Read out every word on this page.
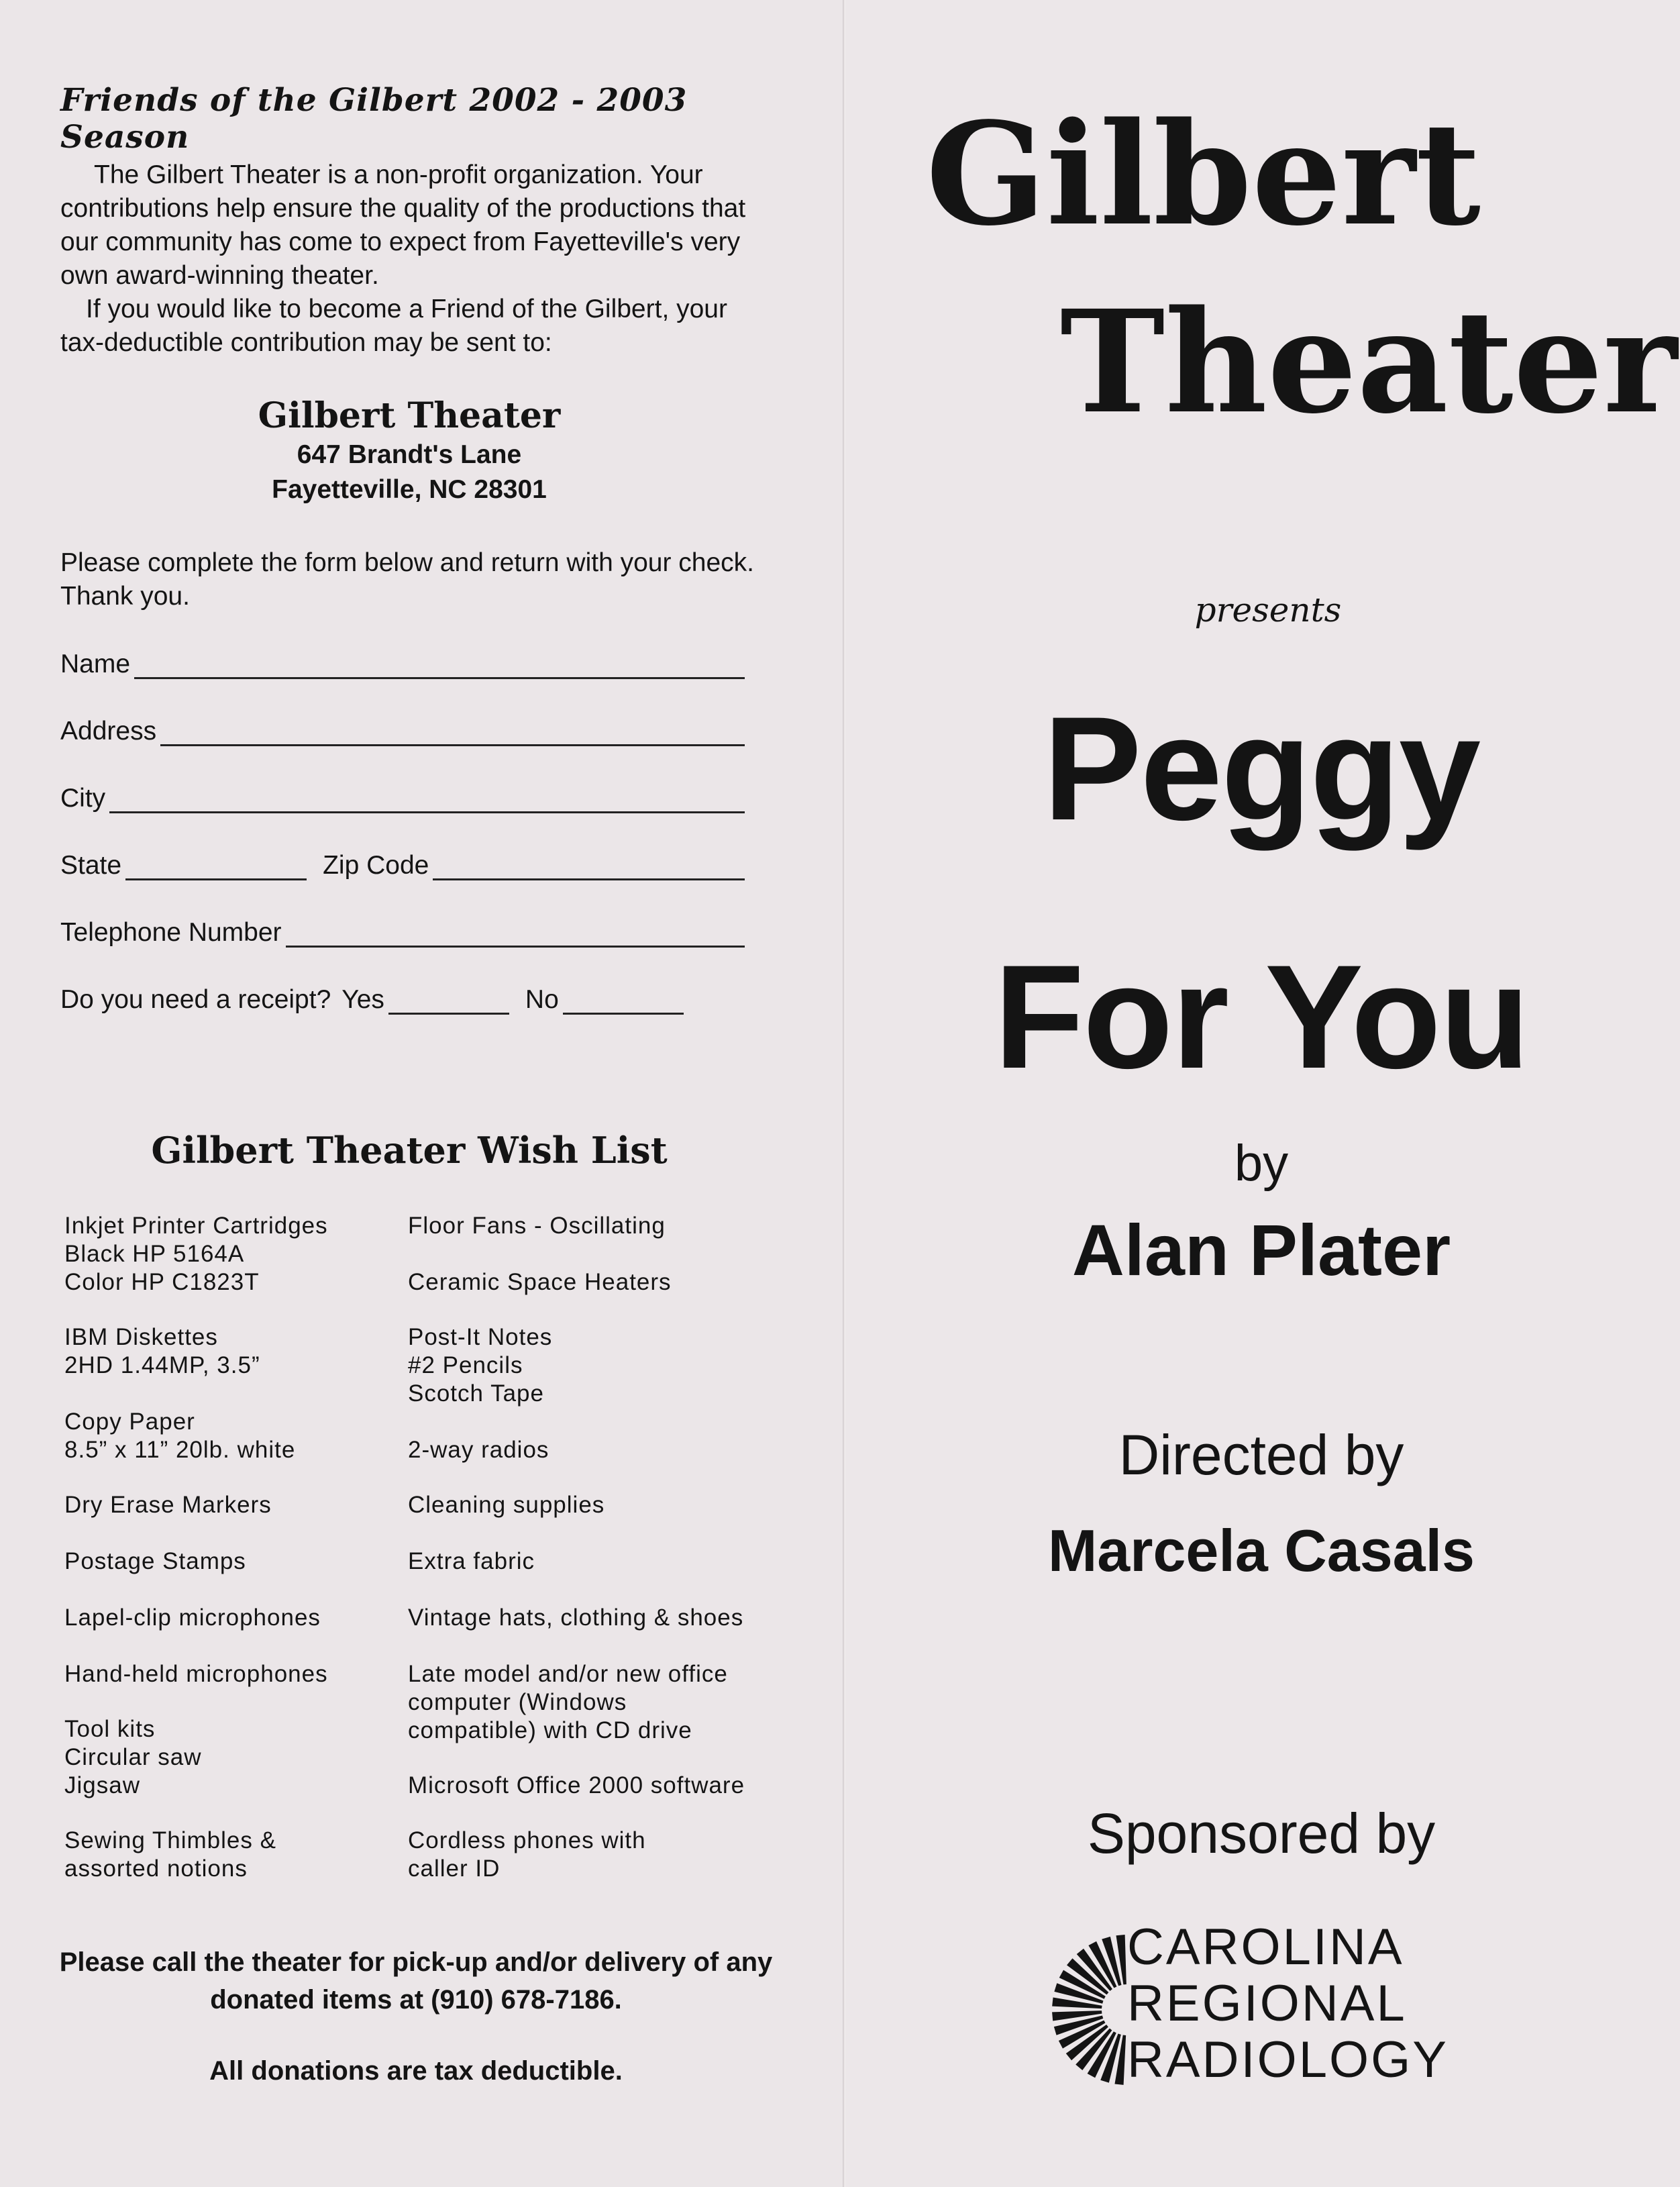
Friends of the Gilbert 2002 - 2003 Season
The Gilbert Theater is a non-profit organization. Your contributions help ensure the quality of the productions that our community has come to expect from Fayetteville's very own award-winning theater.
If you would like to become a Friend of the Gilbert, your tax-deductible contribution may be sent to:
Gilbert Theater
647 Brandt's Lane
Fayetteville, NC 28301
Please complete the form below and return with your check. Thank you.
Name
Address
City
State	Zip Code
Telephone Number
Do you need a receipt? Yes	No
Gilbert Theater Wish List
Inkjet Printer Cartridges
Black HP 5164A
Color HP C1823T
IBM Diskettes
2HD 1.44MP, 3.5”
Copy Paper
8.5” x 11” 20lb. white
Dry Erase Markers
Postage Stamps
Lapel-clip microphones
Hand-held microphones
Tool kits
Circular saw
Jigsaw
Sewing Thimbles &
assorted notions
Floor Fans - Oscillating
Ceramic Space Heaters
Post-It Notes
#2 Pencils
Scotch Tape
2-way radios
Cleaning supplies
Extra fabric
Vintage hats, clothing & shoes
Late model and/or new office
computer (Windows
compatible) with CD drive
Microsoft Office 2000 software
Cordless phones with
caller ID
Please call the theater for pick-up and/or delivery of any donated items at (910) 678-7186.
All donations are tax deductible.
Gilbert
Theater
presents
Peggy
For You
by
Alan Plater
Directed by
Marcela Casals
Sponsored by
CAROLINA
REGIONAL
RADIOLOGY
